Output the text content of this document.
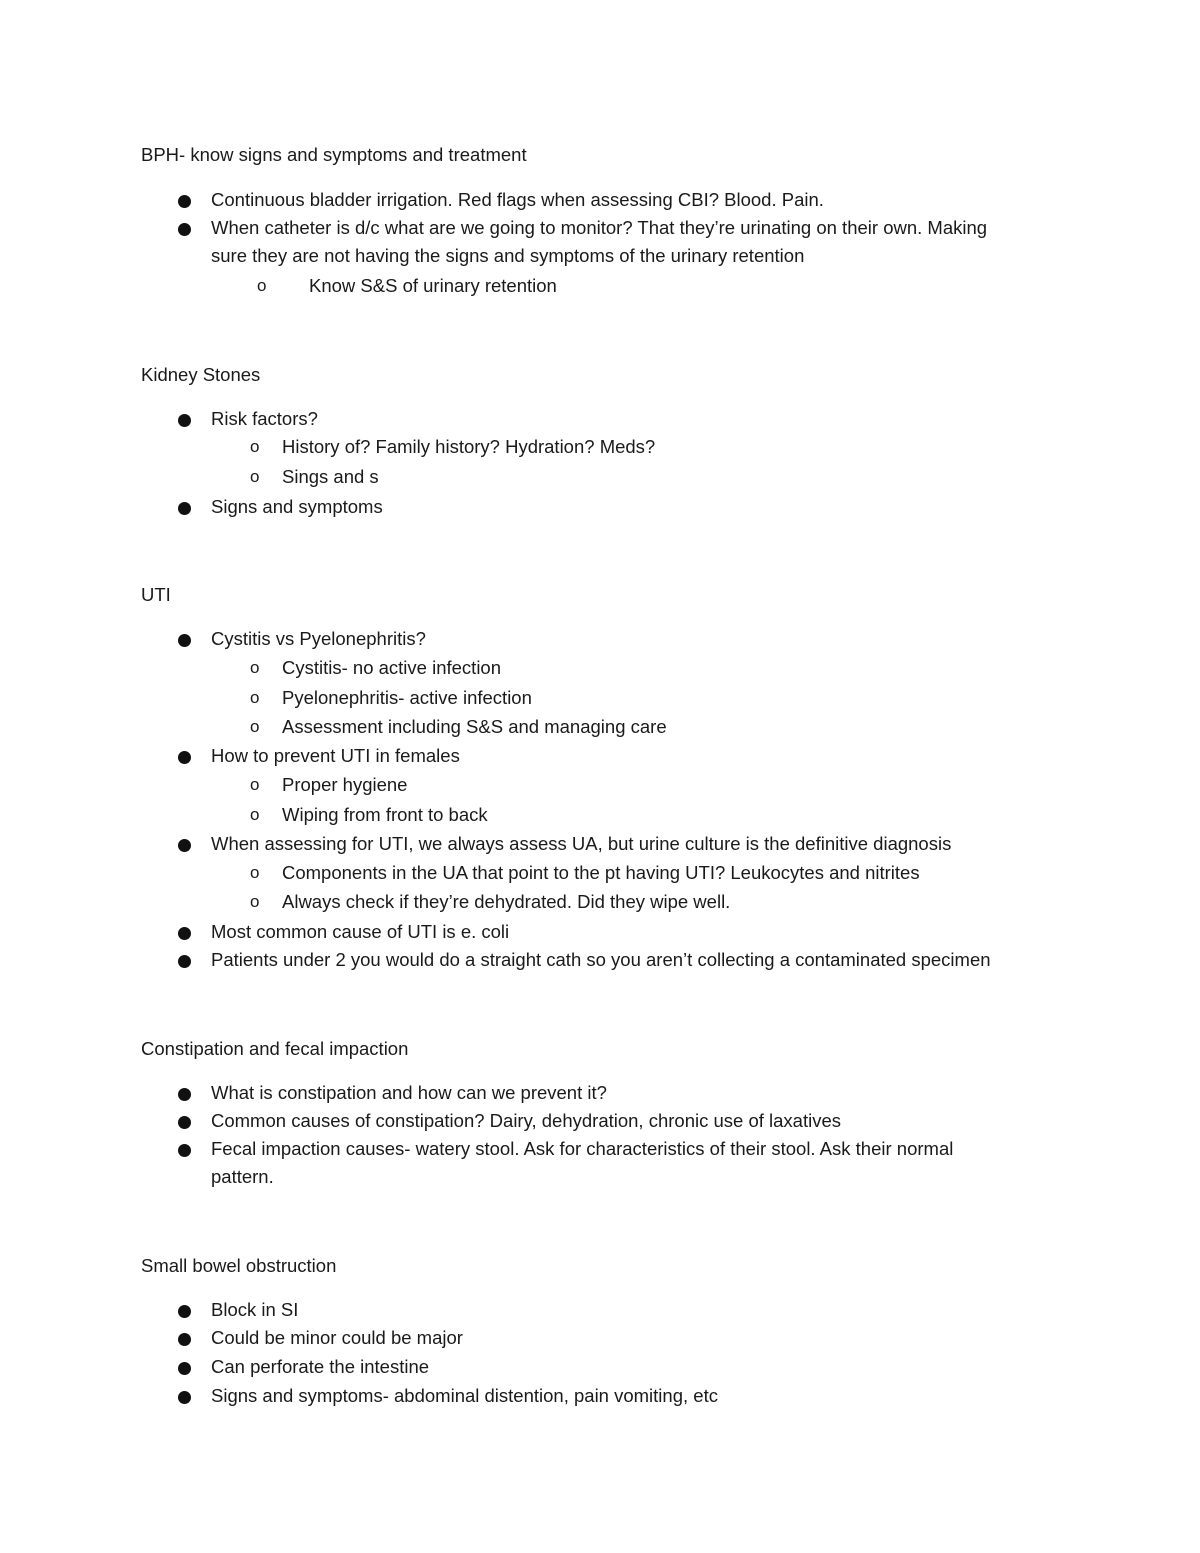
BPH- know signs and symptoms and treatment
Continuous bladder irrigation. Red flags when assessing CBI? Blood. Pain.
When catheter is d/c what are we going to monitor? That they’re urinating on their own. Making
sure they are not having the signs and symptoms of the urinary retention
o Know S&S of urinary retention
Kidney Stones
Risk factors?
o History of? Family history? Hydration? Meds?
o Sings and s
Signs and symptoms
UTI
Cystitis vs Pyelonephritis?
o Cystitis- no active infection
o Pyelonephritis- active infection
o Assessment including S&S and managing care
How to prevent UTI in females
o Proper hygiene
o Wiping from front to back
When assessing for UTI, we always assess UA, but urine culture is the definitive diagnosis
o Components in the UA that point to the pt having UTI? Leukocytes and nitrites
o Always check if they’re dehydrated. Did they wipe well.
Most common cause of UTI is e. coli
Patients under 2 you would do a straight cath so you aren’t collecting a contaminated specimen
Constipation and fecal impaction
What is constipation and how can we prevent it?
Common causes of constipation? Dairy, dehydration, chronic use of laxatives
Fecal impaction causes- watery stool. Ask for characteristics of their stool. Ask their normal
pattern.
Small bowel obstruction
Block in SI
Could be minor could be major
Can perforate the intestine
Signs and symptoms- abdominal distention, pain vomiting, etc
